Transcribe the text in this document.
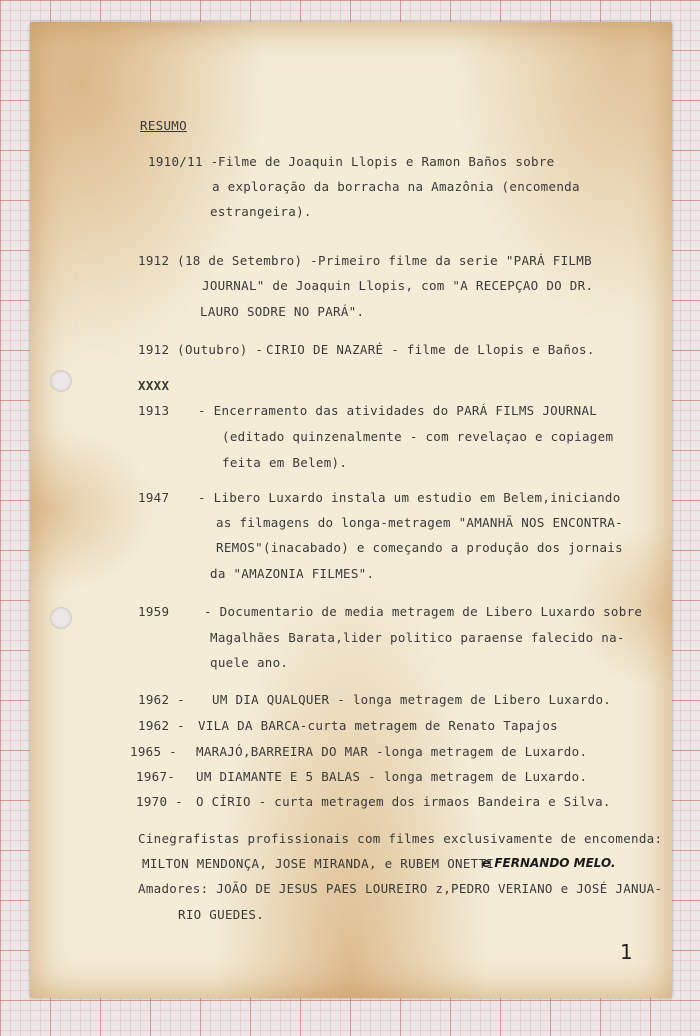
RESUMO
1910/11 - Filme de Joaquin Llopis e Ramon Baños sobre
a exploração da borracha na Amazônia (encomenda
estrangeira).
1912 (18 de Setembro) - Primeiro filme da serie "PARÁ FILMB
JOURNAL" de Joaquin Llopis, com "A RECEPÇAO DO DR.
LAURO SODRE NO PARÁ".
1912 (Outubro) - CIRIO DE NAZARÉ - filme de Llopis e Baños.
XXXX
1913 - Encerramento das atividades do PARÁ FILMS JOURNAL
(editado quinzenalmente - com revelaçao e copiagem
feita em Belem).
1947 - Libero Luxardo instala um estudio em Belem,iniciando
as filmagens do longa-metragem "AMANHÃ NOS ENCONTRA-
REMOS"(inacabado) e começando a produção dos jornais
da "AMAZONIA FILMES".
1959	- Documentario de media metragem de Libero Luxardo sobre
Magalhães Barata,lider politico paraense falecido na-
quele ano.
1962 - UM DIA QUALQUER - longa metragem de Libero Luxardo.
1962 - VILA DA BARCA-curta metragem de Renato Tapajos
1965 - MARAJÓ,BARREIRA DO MAR -longa metragem de Luxardo.
1967- UM DIAMANTE E 5 BALAS - longa metragem de Luxardo.
1970 - O CÍRIO - curta metragem dos irmaos Bandeira e Silva.
Cinegrafistas profissionais com filmes exclusivamente de encomenda:
MILTON MENDONÇA, JOSE MIRANDA, e RUBEM ONETTI
e FERNANDO MELO.
Amadores: JOÃO DE JESUS PAES LOUREIRO z,PEDRO VERIANO e JOSÉ JANUA-
RIO GUEDES.
1
